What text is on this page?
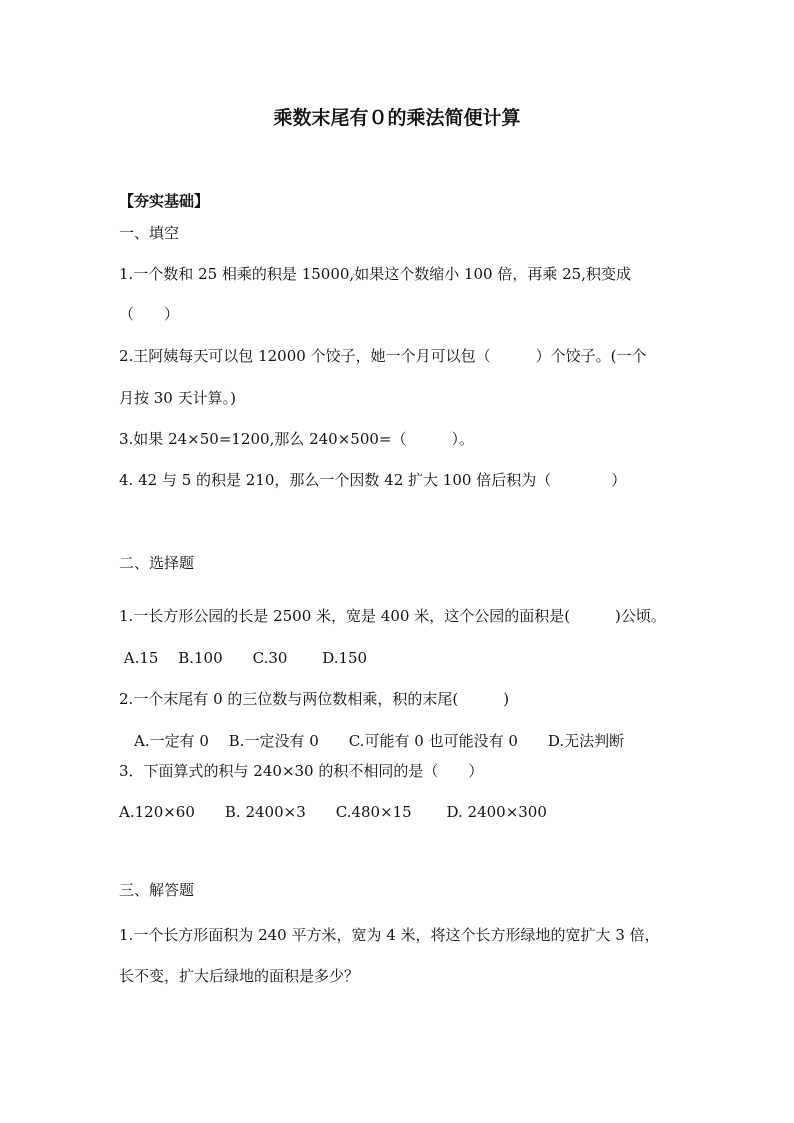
乘数末尾有０的乘法简便计算
【夯实基础】
一、填空
1.一个数和 25 相乘的积是 15000,如果这个数缩小 100 倍，再乘 25,积变成
（　　）
2.王阿姨每天可以包 12000 个饺子，她一个月可以包（　　　）个饺子。(一个
月按 30 天计算。)
3.如果 24×50=1200,那么 240×500=（　　　）。
4. 42 与 5 的积是 210，那么一个因数 42 扩大 100 倍后积为（　　　　）
二、选择题
1.一长方形公园的长是 2500 米，宽是 400 米，这个公园的面积是(　　　)公顷。
A.15　 B.100　　C.30　　 D.150
2.一个末尾有 0 的三位数与两位数相乘，积的末尾(　　　)
　A.一定有 0　 B.一定没有 0　　C.可能有 0 也可能没有 0　　D.无法判断
3．下面算式的积与 240×30 的积不相同的是（　　）
A.120×60　　B. 2400×3　　C.480×15　　 D. 2400×300
三、解答题
1.一个长方形面积为 240 平方米，宽为 4 米，将这个长方形绿地的宽扩大 3 倍，
长不变，扩大后绿地的面积是多少？
